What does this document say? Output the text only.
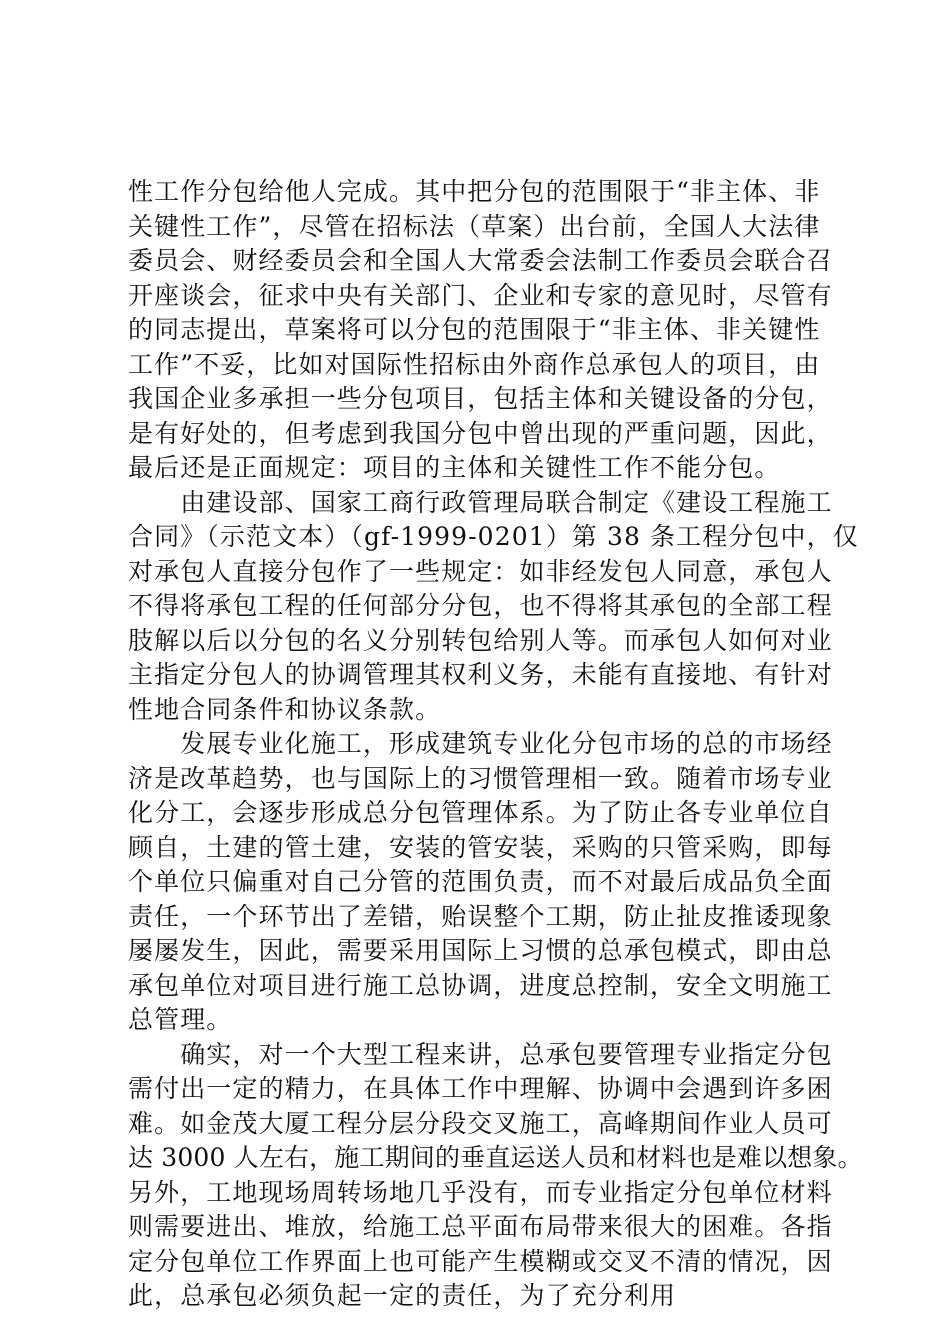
性工作分包给他人完成。其中把分包的范围限于“非主体、非
关键性工作”，尽管在招标法（草案）出台前，全国人大法律
委员会、财经委员会和全国人大常委会法制工作委员会联合召
开座谈会，征求中央有关部门、企业和专家的意见时，尽管有
的同志提出，草案将可以分包的范围限于“非主体、非关键性
工作”不妥，比如对国际性招标由外商作总承包人的项目，由
我国企业多承担一些分包项目，包括主体和关键设备的分包，
是有好处的，但考虑到我国分包中曾出现的严重问题，因此，
最后还是正面规定：项目的主体和关键性工作不能分包。
　　由建设部、国家工商行政管理局联合制定《建设工程施工
合同》（示范文本）（gf-1999-0201）第 38 条工程分包中，仅
对承包人直接分包作了一些规定：如非经发包人同意，承包人
不得将承包工程的任何部分分包，也不得将其承包的全部工程
肢解以后以分包的名义分别转包给别人等。而承包人如何对业
主指定分包人的协调管理其权利义务，未能有直接地、有针对
性地合同条件和协议条款。
　　发展专业化施工，形成建筑专业化分包市场的总的市场经
济是改革趋势，也与国际上的习惯管理相一致。随着市场专业
化分工，会逐步形成总分包管理体系。为了防止各专业单位自
顾自，土建的管土建，安装的管安装，采购的只管采购，即每
个单位只偏重对自己分管的范围负责，而不对最后成品负全面
责任，一个环节出了差错，贻误整个工期，防止扯皮推诿现象
屡屡发生，因此，需要采用国际上习惯的总承包模式，即由总
承包单位对项目进行施工总协调，进度总控制，安全文明施工
总管理。
　　确实，对一个大型工程来讲，总承包要管理专业指定分包
需付出一定的精力，在具体工作中理解、协调中会遇到许多困
难。如金茂大厦工程分层分段交叉施工，高峰期间作业人员可
达 3000 人左右，施工期间的垂直运送人员和材料也是难以想象。
另外，工地现场周转场地几乎没有，而专业指定分包单位材料
则需要进出、堆放，给施工总平面布局带来很大的困难。各指
定分包单位工作界面上也可能产生模糊或交叉不清的情况，因
此，总承包必须负起一定的责任，为了充分利用
